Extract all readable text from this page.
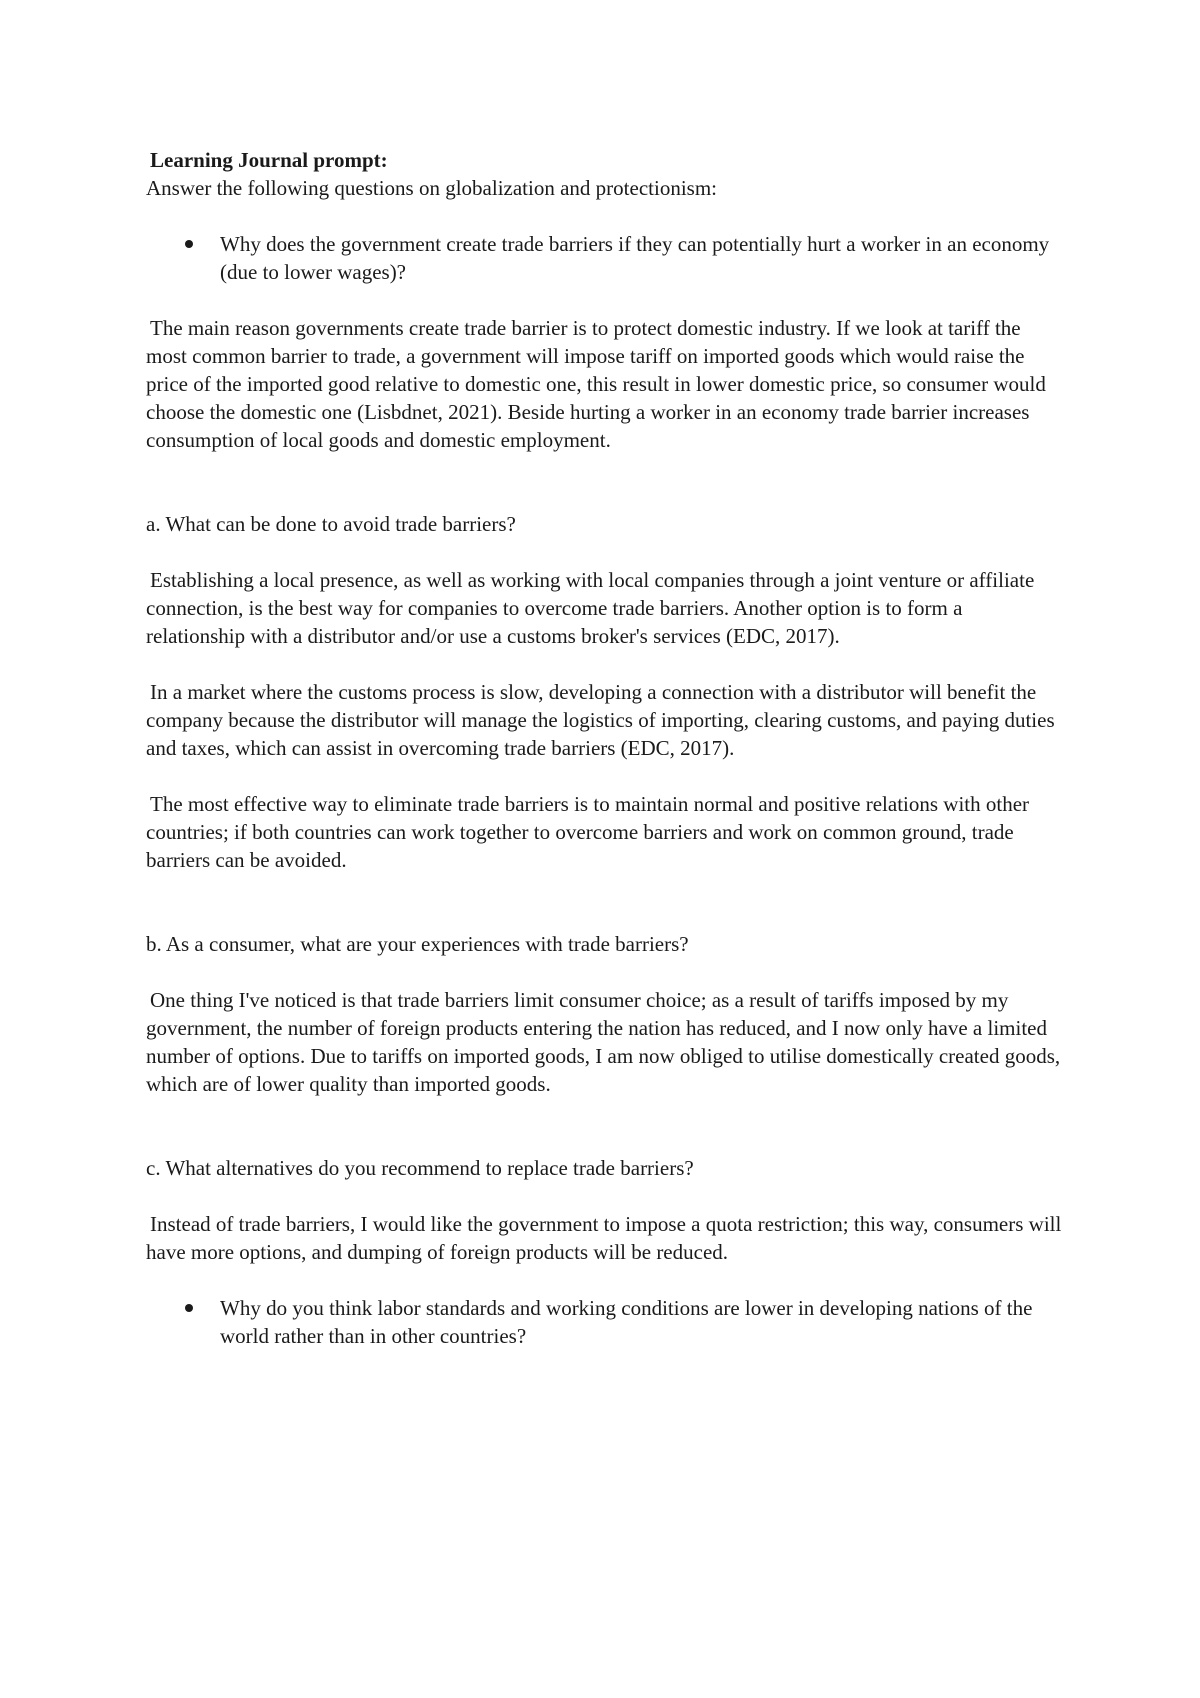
Learning Journal prompt:

Answer the following questions on globalization and protectionism:

Why does the government create trade barriers if they can potentially hurt a worker in an economy (due to lower wages)?

The main reason governments create trade barrier is to protect domestic industry. If we look at tariff the most common barrier to trade, a government will impose tariff on imported goods which would raise the price of the imported good relative to domestic one, this result in lower domestic price, so consumer would choose the domestic one (Lisbdnet, 2021). Beside hurting a worker in an economy trade barrier increases consumption of local goods and domestic employment.

a. What can be done to avoid trade barriers?

Establishing a local presence, as well as working with local companies through a joint venture or affiliate connection, is the best way for companies to overcome trade barriers. Another option is to form a relationship with a distributor and/or use a customs broker's services (EDC, 2017).

In a market where the customs process is slow, developing a connection with a distributor will benefit the company because the distributor will manage the logistics of importing, clearing customs, and paying duties and taxes, which can assist in overcoming trade barriers (EDC, 2017).

The most effective way to eliminate trade barriers is to maintain normal and positive relations with other countries; if both countries can work together to overcome barriers and work on common ground, trade barriers can be avoided.

b. As a consumer, what are your experiences with trade barriers?

One thing I've noticed is that trade barriers limit consumer choice; as a result of tariffs imposed by my government, the number of foreign products entering the nation has reduced, and I now only have a limited number of options. Due to tariffs on imported goods, I am now obliged to utilise domestically created goods, which are of lower quality than imported goods.

c. What alternatives do you recommend to replace trade barriers?

Instead of trade barriers, I would like the government to impose a quota restriction; this way, consumers will have more options, and dumping of foreign products will be reduced.

Why do you think labor standards and working conditions are lower in developing nations of the world rather than in other countries?
